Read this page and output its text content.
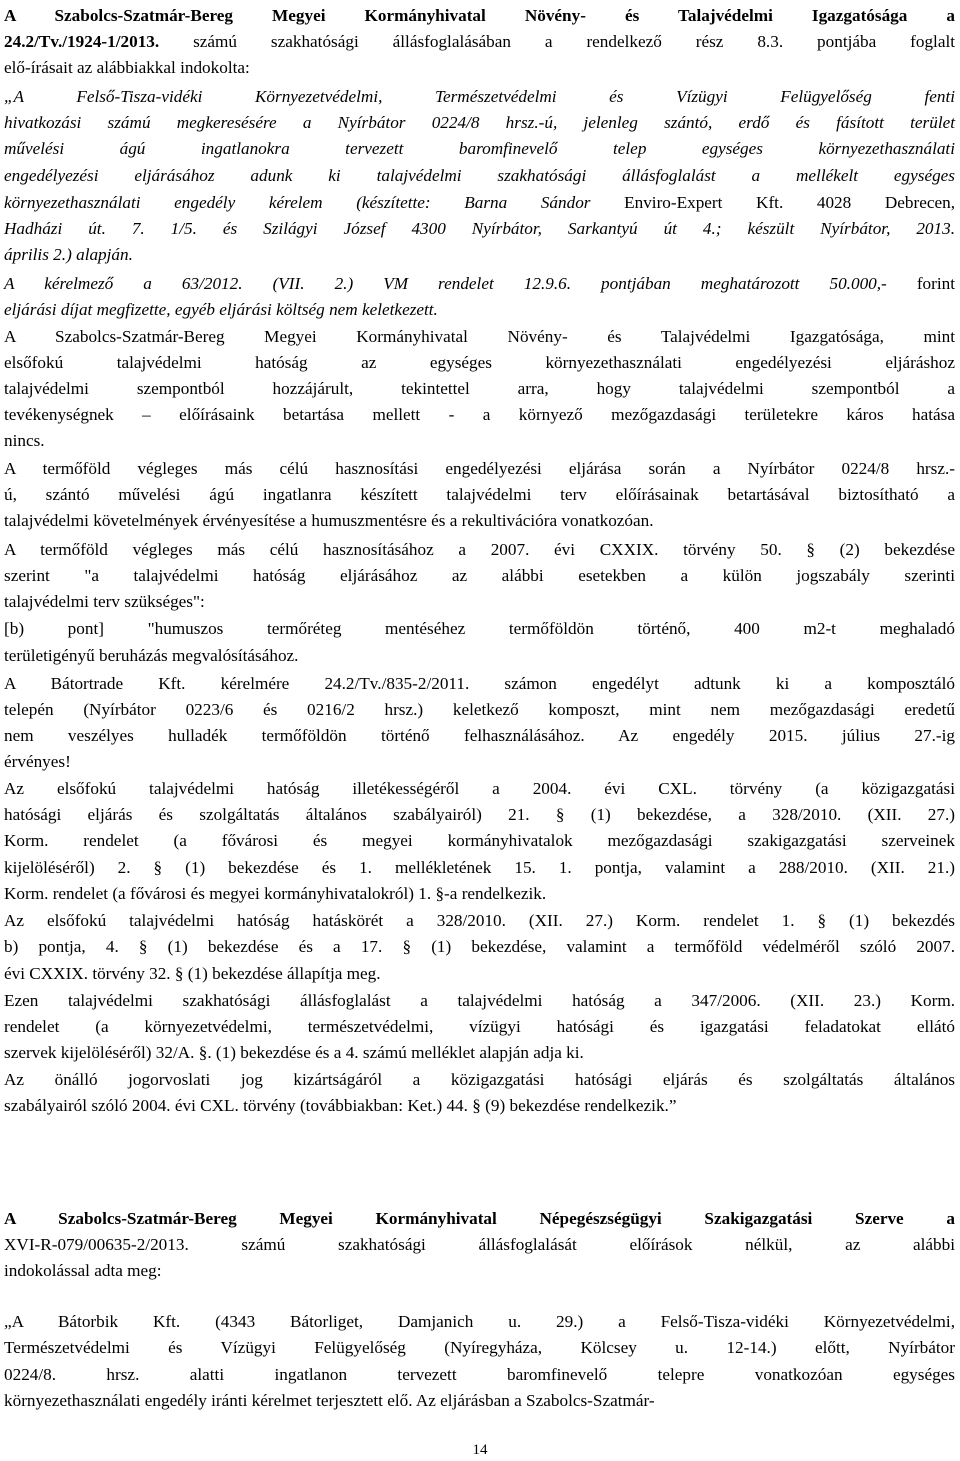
A Szabolcs-Szatmár-Bereg Megyei Kormányhivatal Növény- és Talajvédelmi Igazgatósága a
24.2/Tv./1924-1/2013. számú szakhatósági állásfoglalásában a rendelkező rész 8.3. pontjába foglalt
elő-írásait az alábbiakkal indokolta:
„A Felső-Tisza-vidéki Környezetvédelmi, Természetvédelmi és Vízügyi Felügyelőség fenti
hivatkozási számú megkeresésére a Nyírbátor 0224/8 hrsz.-ú, jelenleg szántó, erdő és fásított terület
művelési ágú ingatlanokra tervezett baromfinevelő telep egységes környezethasználati
engedélyezési eljárásához adunk ki talajvédelmi szakhatósági állásfoglalást a mellékelt egységes
környezethasználati engedély kérelem (készítette: Barna Sándor Enviro-Expert Kft. 4028 Debrecen,
Hadházi út. 7. 1/5. és Szilágyi József 4300 Nyírbátor, Sarkantyú út 4.; készült Nyírbátor, 2013.
április 2.) alapján.
A kérelmező a 63/2012. (VII. 2.) VM rendelet 12.9.6. pontjában meghatározott 50.000,- forint
eljárási díjat megfizette, egyéb eljárási költség nem keletkezett.
A Szabolcs-Szatmár-Bereg Megyei Kormányhivatal Növény- és Talajvédelmi Igazgatósága, mint
elsőfokú talajvédelmi hatóság az egységes környezethasználati engedélyezési eljáráshoz
talajvédelmi szempontból hozzájárult, tekintettel arra, hogy talajvédelmi szempontból a
tevékenységnek – előírásaink betartása mellett - a környező mezőgazdasági területekre káros hatása
nincs.
A termőföld végleges más célú hasznosítási engedélyezési eljárása során a Nyírbátor 0224/8 hrsz.-
ú, szántó művelési ágú ingatlanra készített talajvédelmi terv előírásainak betartásával biztosítható a
talajvédelmi követelmények érvényesítése a humuszmentésre és a rekultivációra vonatkozóan.
A termőföld végleges más célú hasznosításához a 2007. évi CXXIX. törvény 50. § (2) bekezdése
szerint "a talajvédelmi hatóság eljárásához az alábbi esetekben a külön jogszabály szerinti
talajvédelmi terv szükséges":
[b) pont] "humuszos termőréteg mentéséhez termőföldön történő, 400 m2-t meghaladó
területigényű beruházás megvalósításához.
A Bátortrade Kft. kérelmére 24.2/Tv./835-2/2011. számon engedélyt adtunk ki a komposztáló
telepén (Nyírbátor 0223/6 és 0216/2 hrsz.) keletkező komposzt, mint nem mezőgazdasági eredetű
nem veszélyes hulladék termőföldön történő felhasználásához. Az engedély 2015. július 27.-ig
érvényes!
Az elsőfokú talajvédelmi hatóság illetékességéről a 2004. évi CXL. törvény (a közigazgatási
hatósági eljárás és szolgáltatás általános szabályairól) 21. § (1) bekezdése, a 328/2010. (XII. 27.)
Korm. rendelet (a fővárosi és megyei kormányhivatalok mezőgazdasági szakigazgatási szerveinek
kijelöléséről) 2. § (1) bekezdése és 1. mellékletének 15. 1. pontja, valamint a 288/2010. (XII. 21.)
Korm. rendelet (a fővárosi és megyei kormányhivatalokról) 1. §-a rendelkezik.
Az elsőfokú talajvédelmi hatóság hatáskörét a 328/2010. (XII. 27.) Korm. rendelet 1. § (1) bekezdés
b) pontja, 4. § (1) bekezdése és a 17. § (1) bekezdése, valamint a termőföld védelméről szóló 2007.
évi CXXIX. törvény 32. § (1) bekezdése állapítja meg.
Ezen talajvédelmi szakhatósági állásfoglalást a talajvédelmi hatóság a 347/2006. (XII. 23.) Korm.
rendelet (a környezetvédelmi, természetvédelmi, vízügyi hatósági és igazgatási feladatokat ellátó
szervek kijelöléséről) 32/A. §. (1) bekezdése és a 4. számú melléklet alapján adja ki.
Az önálló jogorvoslati jog kizártságáról a közigazgatási hatósági eljárás és szolgáltatás általános
szabályairól szóló 2004. évi CXL. törvény (továbbiakban: Ket.) 44. § (9) bekezdése rendelkezik.”
A Szabolcs-Szatmár-Bereg Megyei Kormányhivatal Népegészségügyi Szakigazgatási Szerve a
XVI-R-079/00635-2/2013. számú szakhatósági állásfoglalását előírások nélkül, az alábbi
indokolással adta meg:
„A Bátorbik Kft. (4343 Bátorliget, Damjanich u. 29.) a Felső-Tisza-vidéki Környezetvédelmi,
Természetvédelmi és Vízügyi Felügyelőség (Nyíregyháza, Kölcsey u. 12-14.) előtt, Nyírbátor
0224/8. hrsz. alatti ingatlanon tervezett baromfinevelő telepre vonatkozóan egységes
környezethasználati engedély iránti kérelmet terjesztett elő. Az eljárásban a Szabolcs-Szatmár-
14
